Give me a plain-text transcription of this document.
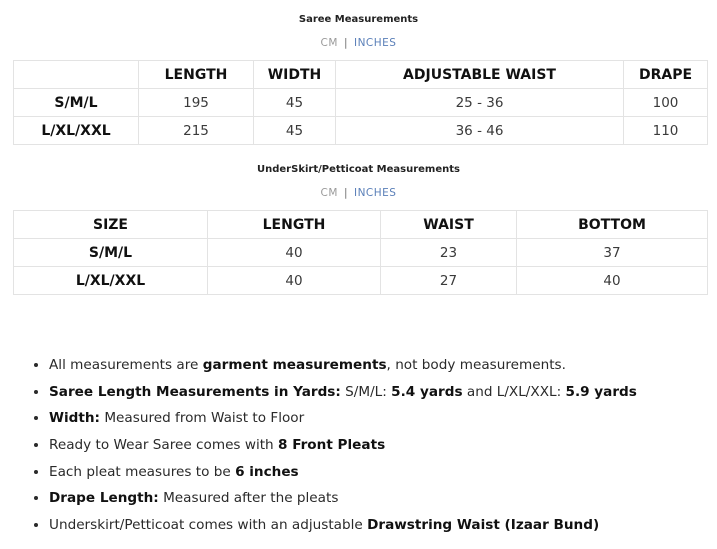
Saree Measurements
CM | INCHES
	LENGTH	WIDTH	ADJUSTABLE WAIST	DRAPE
S/M/L	195	45	25 - 36	100
L/XL/XXL	215	45	36 - 46	110
UnderSkirt/Petticoat Measurements
CM | INCHES
SIZE	LENGTH	WAIST	BOTTOM
S/M/L	40	23	37
L/XL/XXL	40	27	40
• All measurements are garment measurements, not body measurements.
• Saree Length Measurements in Yards: S/M/L: 5.4 yards and L/XL/XXL: 5.9 yards
• Width: Measured from Waist to Floor
• Ready to Wear Saree comes with 8 Front Pleats
• Each pleat measures to be 6 inches
• Drape Length: Measured after the pleats
• Underskirt/Petticoat comes with an adjustable Drawstring Waist (Izaar Bund)
